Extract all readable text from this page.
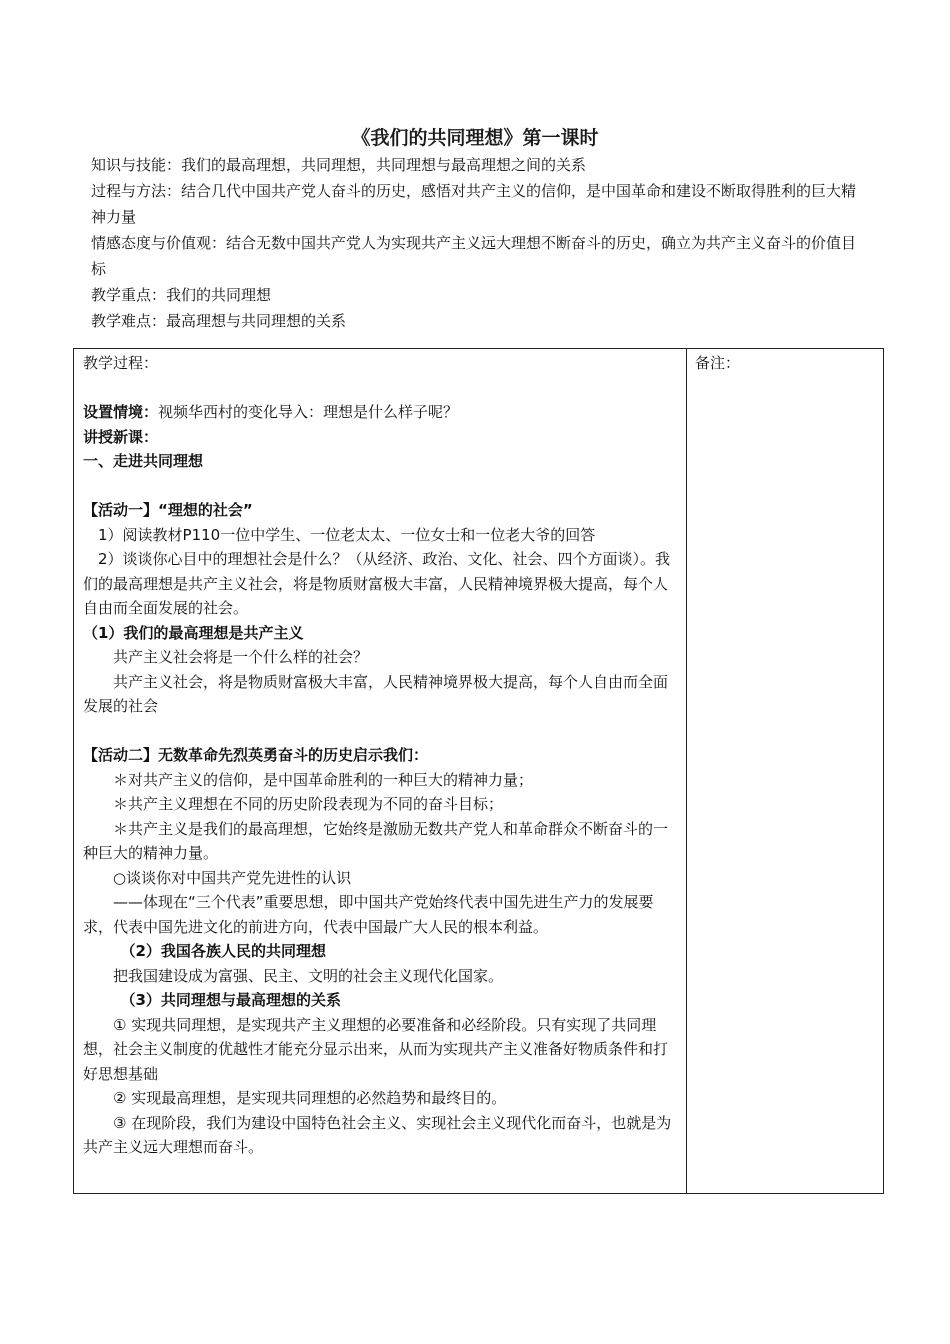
《我们的共同理想》第一课时

知识与技能：我们的最高理想，共同理想，共同理想与最高理想之间的关系

过程与方法：结合几代中国共产党人奋斗的历史，感悟对共产主义的信仰，是中国革命和建设不断取得胜利的巨大精神力量

情感态度与价值观：结合无数中国共产党人为实现共产主义远大理想不断奋斗的历史，确立为共产主义奋斗的价值目标

教学重点：我们的共同理想

教学难点：最高理想与共同理想的关系

教学过程：

设置情境：视频华西村的变化导入：理想是什么样子呢？

讲授新课：

一、走进共同理想

【活动一】“理想的社会”

1）阅读教材P110一位中学生、一位老太太、一位女士和一位老大爷的回答

2）谈谈你心目中的理想社会是什么？（从经济、政治、文化、社会、四个方面谈）。我们的最高理想是共产主义社会，将是物质财富极大丰富，人民精神境界极大提高，每个人自由而全面发展的社会。

（1）我们的最高理想是共产主义

共产主义社会将是一个什么样的社会？

共产主义社会，将是物质财富极大丰富，人民精神境界极大提高，每个人自由而全面发展的社会

【活动二】无数革命先烈英勇奋斗的历史启示我们：

＊对共产主义的信仰，是中国革命胜利的一种巨大的精神力量；

＊共产主义理想在不同的历史阶段表现为不同的奋斗目标；

＊共产主义是我们的最高理想，它始终是激励无数共产党人和革命群众不断奋斗的一种巨大的精神力量。

○谈谈你对中国共产党先进性的认识

——体现在“三个代表”重要思想，即中国共产党始终代表中国先进生产力的发展要求，代表中国先进文化的前进方向，代表中国最广大人民的根本利益。

（2）我国各族人民的共同理想

把我国建设成为富强、民主、文明的社会主义现代化国家。

（3）共同理想与最高理想的关系

① 实现共同理想，是实现共产主义理想的必要准备和必经阶段。只有实现了共同理想，社会主义制度的优越性才能充分显示出来，从而为实现共产主义准备好物质条件和打好思想基础

② 实现最高理想，是实现共同理想的必然趋势和最终目的。

③ 在现阶段，我们为建设中国特色社会主义、实现社会主义现代化而奋斗，也就是为共产主义远大理想而奋斗。

备注：
